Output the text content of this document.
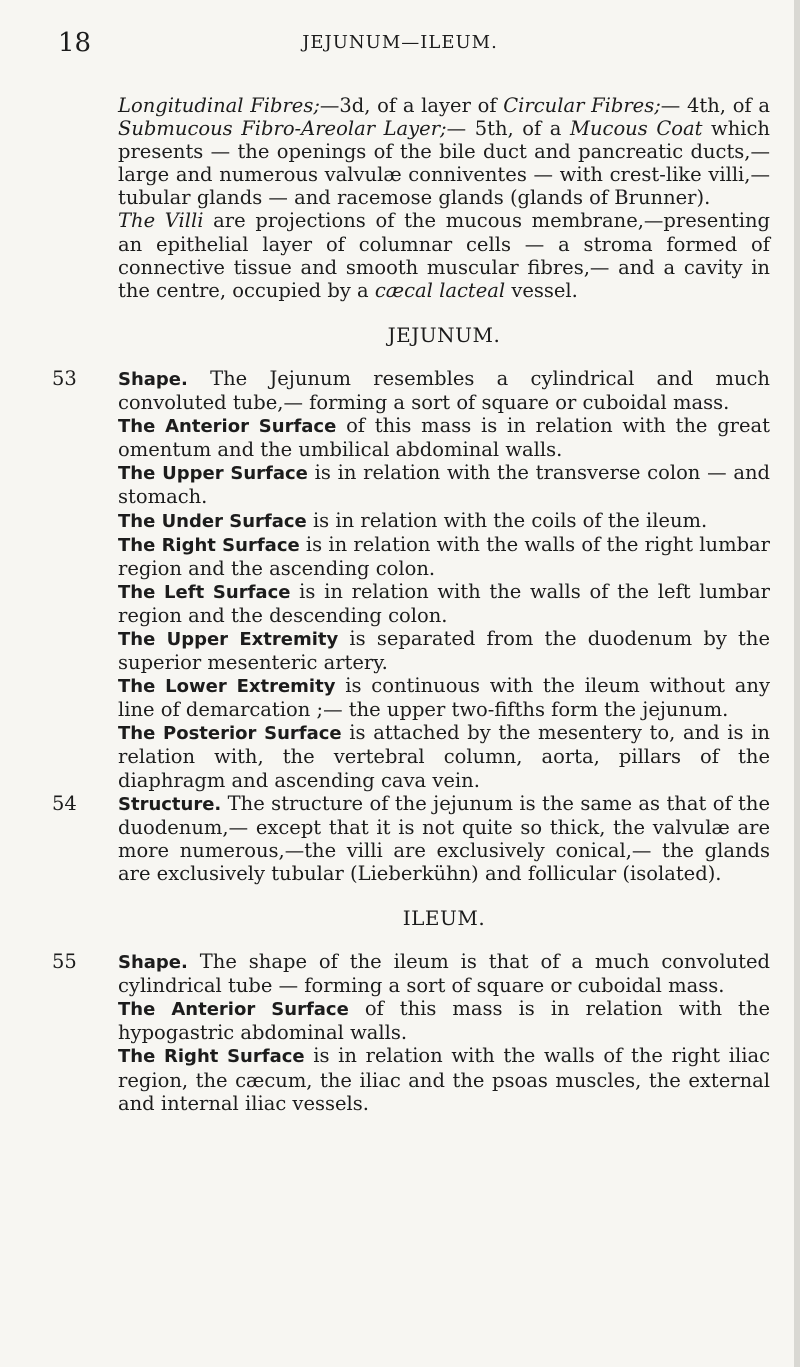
18	JEJUNUM—ILEUM.

Longitudinal Fibres;—3d, of a layer of Circular Fibres;— 4th, of a Submucous Fibro-Areolar Layer;— 5th, of a Mucous Coat which presents — the openings of the bile duct and pancreatic ducts,—large and numerous valvulæ conniventes — with crest-like villi,— tubular glands — and racemose glands (glands of Brunner).

The Villi are projections of the mucous membrane,—presenting an epithelial layer of columnar cells — a stroma formed of connective tissue and smooth muscular fibres,— and a cavity in the centre, occupied by a cæcal lacteal vessel.

JEJUNUM.
53 Shape. The Jejunum resembles a cylindrical and much convoluted tube,— forming a sort of square or cuboidal mass.

The Anterior Surface of this mass is in relation with the great omentum and the umbilical abdominal walls.

The Upper Surface is in relation with the transverse colon — and stomach.

The Under Surface is in relation with the coils of the ileum.

The Right Surface is in relation with the walls of the right lumbar region and the ascending colon.

The Left Surface is in relation with the walls of the left lumbar region and the descending colon.

The Upper Extremity is separated from the duodenum by the superior mesenteric artery.

The Lower Extremity is continuous with the ileum without any line of demarcation ;— the upper two-fifths form the jejunum.

The Posterior Surface is attached by the mesentery to, and is in relation with, the vertebral column, aorta, pillars of the diaphragm and ascending cava vein.

54 Structure. The structure of the jejunum is the same as that of the duodenum,— except that it is not quite so thick, the valvulæ are more numerous,—the villi are exclusively conical,— the glands are exclusively tubular (Lieberkühn) and follicular (isolated).

ILEUM.
55 Shape. The shape of the ileum is that of a much convoluted cylindrical tube — forming a sort of square or cuboidal mass.

The Anterior Surface of this mass is in relation with the hypogastric abdominal walls.

The Right Surface is in relation with the walls of the right iliac region, the cæcum, the iliac and the psoas muscles, the external and internal iliac vessels.
